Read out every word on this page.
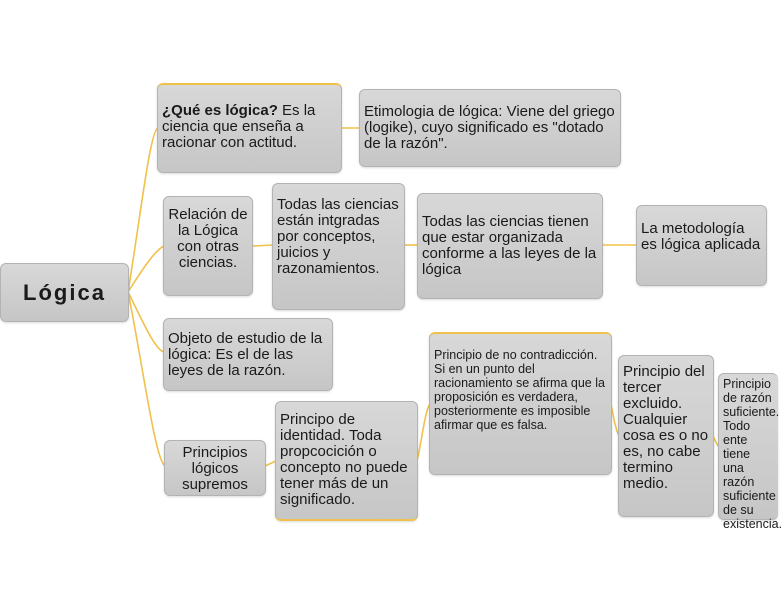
Lógica
¿Qué es lógica? Es la ciencia que enseña a racionar con actitud.
Etimologia de lógica: Viene del griego (logike), cuyo significado es "dotado de la razón".
Relación de la Lógica con otras ciencias.
Todas las ciencias están intgradas por conceptos, juicios y razonamientos.
Todas las ciencias tienen que estar organizada conforme a las leyes de la lógica
La metodología es lógica aplicada
Objeto de estudio de la lógica: Es el de las leyes de la razón.
Principios lógicos supremos
Principo de identidad. Toda propcocición o concepto no puede tener más de un significado.
Principio de no contradicción. Si en un punto del racionamiento se afirma que la proposición es verdadera, posteriormente es imposible afirmar que es falsa.
Principio del tercer excluido. Cualquier cosa es o no es, no cabe termino medio.
Principio de razón suficiente. Todo ente tiene una razón suficiente de su existencia.
